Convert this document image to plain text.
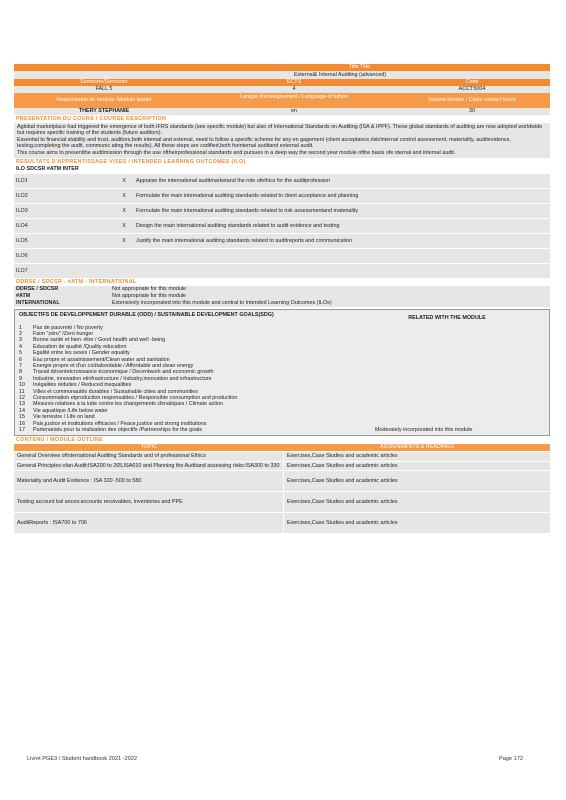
Title Title
External& Internal Auditing (advanced)
Semestre/Semester	ECTS	Code
FALL 5	4	ACCT5004
Responsable de module /Module leader	Langue d'enseignement / Language of tuition	Volume horaire / Class contact hours
THERY STEPHANIE	en	30
PRESENTATION DU COURS / COURSE DESCRIPTION

Aglobal marketplace had triggered the emergence of both IFRS standards (see specific module) but also of International Standards on Auditing (ISA & IPPF). These global standards of auditing are now adopted worldwide but requires specific training of the students (future auditors).

Essential to financial stability and trust, auditors,both internal and external, need to follow a specific scheme for any en gagement (client acceptance,risk/internal control assessment, materiality, auditevidence, testing,completing the audit, communic ating the results). All these steps are codified,both forinternal auditand external audit.

This course aims to presentthe auditmission through the use oftheirprofessional standards and pursues in a deep way the second year module ofthe basis ofe xternal and internal audit.

RESULTATS D'APPRENTISSAGE VISES / INTENDED LEARNING OUTCOMES (ILO)
ILO SDCSR #ATM INTER
ILO1	X	Appraise the international auditmarketand the role ofethics for the auditprofession
ILO2	X	Formulate the main international auditing standards related to client acceptance and planning
ILO3	X	Formulate the main international auditing standards related to risk assessmentand materiality
ILO4	X	Design the main international auditing standards related to audit evidence and testing
ILO5	X	Justify the main international auditing standards related to auditreports and communication
ILO6
ILO7
DDRSE / SDCSR - #ATM - INTERNATIONAL
DDRSE / SDCSR	Not appropriate for this module
#ATM	Not appropriate for this module
INTERNATIONAL	Extensively incorporated into this module and central to Intended Learning Outcomes (ILOs)
OBJECTIFS DE DEVELOPPEMENT DURABLE (ODD) / SUSTAINABLE DEVELOPMENT GOALS(SDG)	RELATED WITH THE MODULE
1	Pas de pauvreté / No poverty
2	Faim "zéro" /Zero hunger
3	Bonne santé et bien -être / Good health and well -being
4	Education de qualité /Quality education
5	Egalité entre les sexes / Gender equality
6	Eau propre et assainissement/Clean water and sanitation
7	Energie propre et d'un coûtabordable / Affordable and clean energy
8	Travail décentetcroissance économique / Decentwork and economic growth
9	Industrie, innovation etinfrastructure / Industry,innovation and infrastructure
10	Inégalités réduites / Reduced inequalities
11	Villes et communautés durables / Sustainable cities and communities
12	Consommation etproduction responsables / Responsible consumption and production
13	Mesures relatives à la lutte contre les changements climatiques / Climate action
14	Vie aquatique /Life below water
15	Vie terrestre / Life on land
16	Paix,justice et institutions efficaces / Peace,justice and strong institutions
17	Partenariats pour la réalisation des objectifs /Partnerships for the goals	Moderately incorporated into this module
CONTENU / MODULE OUTLINE
TOPIC	ASSIGNMENTS & READINGS
General Overview ofInternational Auditing Standards and of professional Ethics	Exercises,Case Studies and academic articles
General Principles ofan Audit:ISA200 to 265,ISA610 and Planning the Auditand assessing risks:ISA300 to 330	Exercises,Case Studies and academic articles
Materiality and Audit Evidence : ISA 320 -500 to 580	Exercises,Case Studies and academic articles
Testing account bal ances:accounts receivables, inventories and PPE	Exercises,Case Studies and academic articles
AuditReports : ISA700 to 706	Exercises,Case Studies and academic articles
Livret PGE3 / Student handbook 2021 -2022	Page 172
